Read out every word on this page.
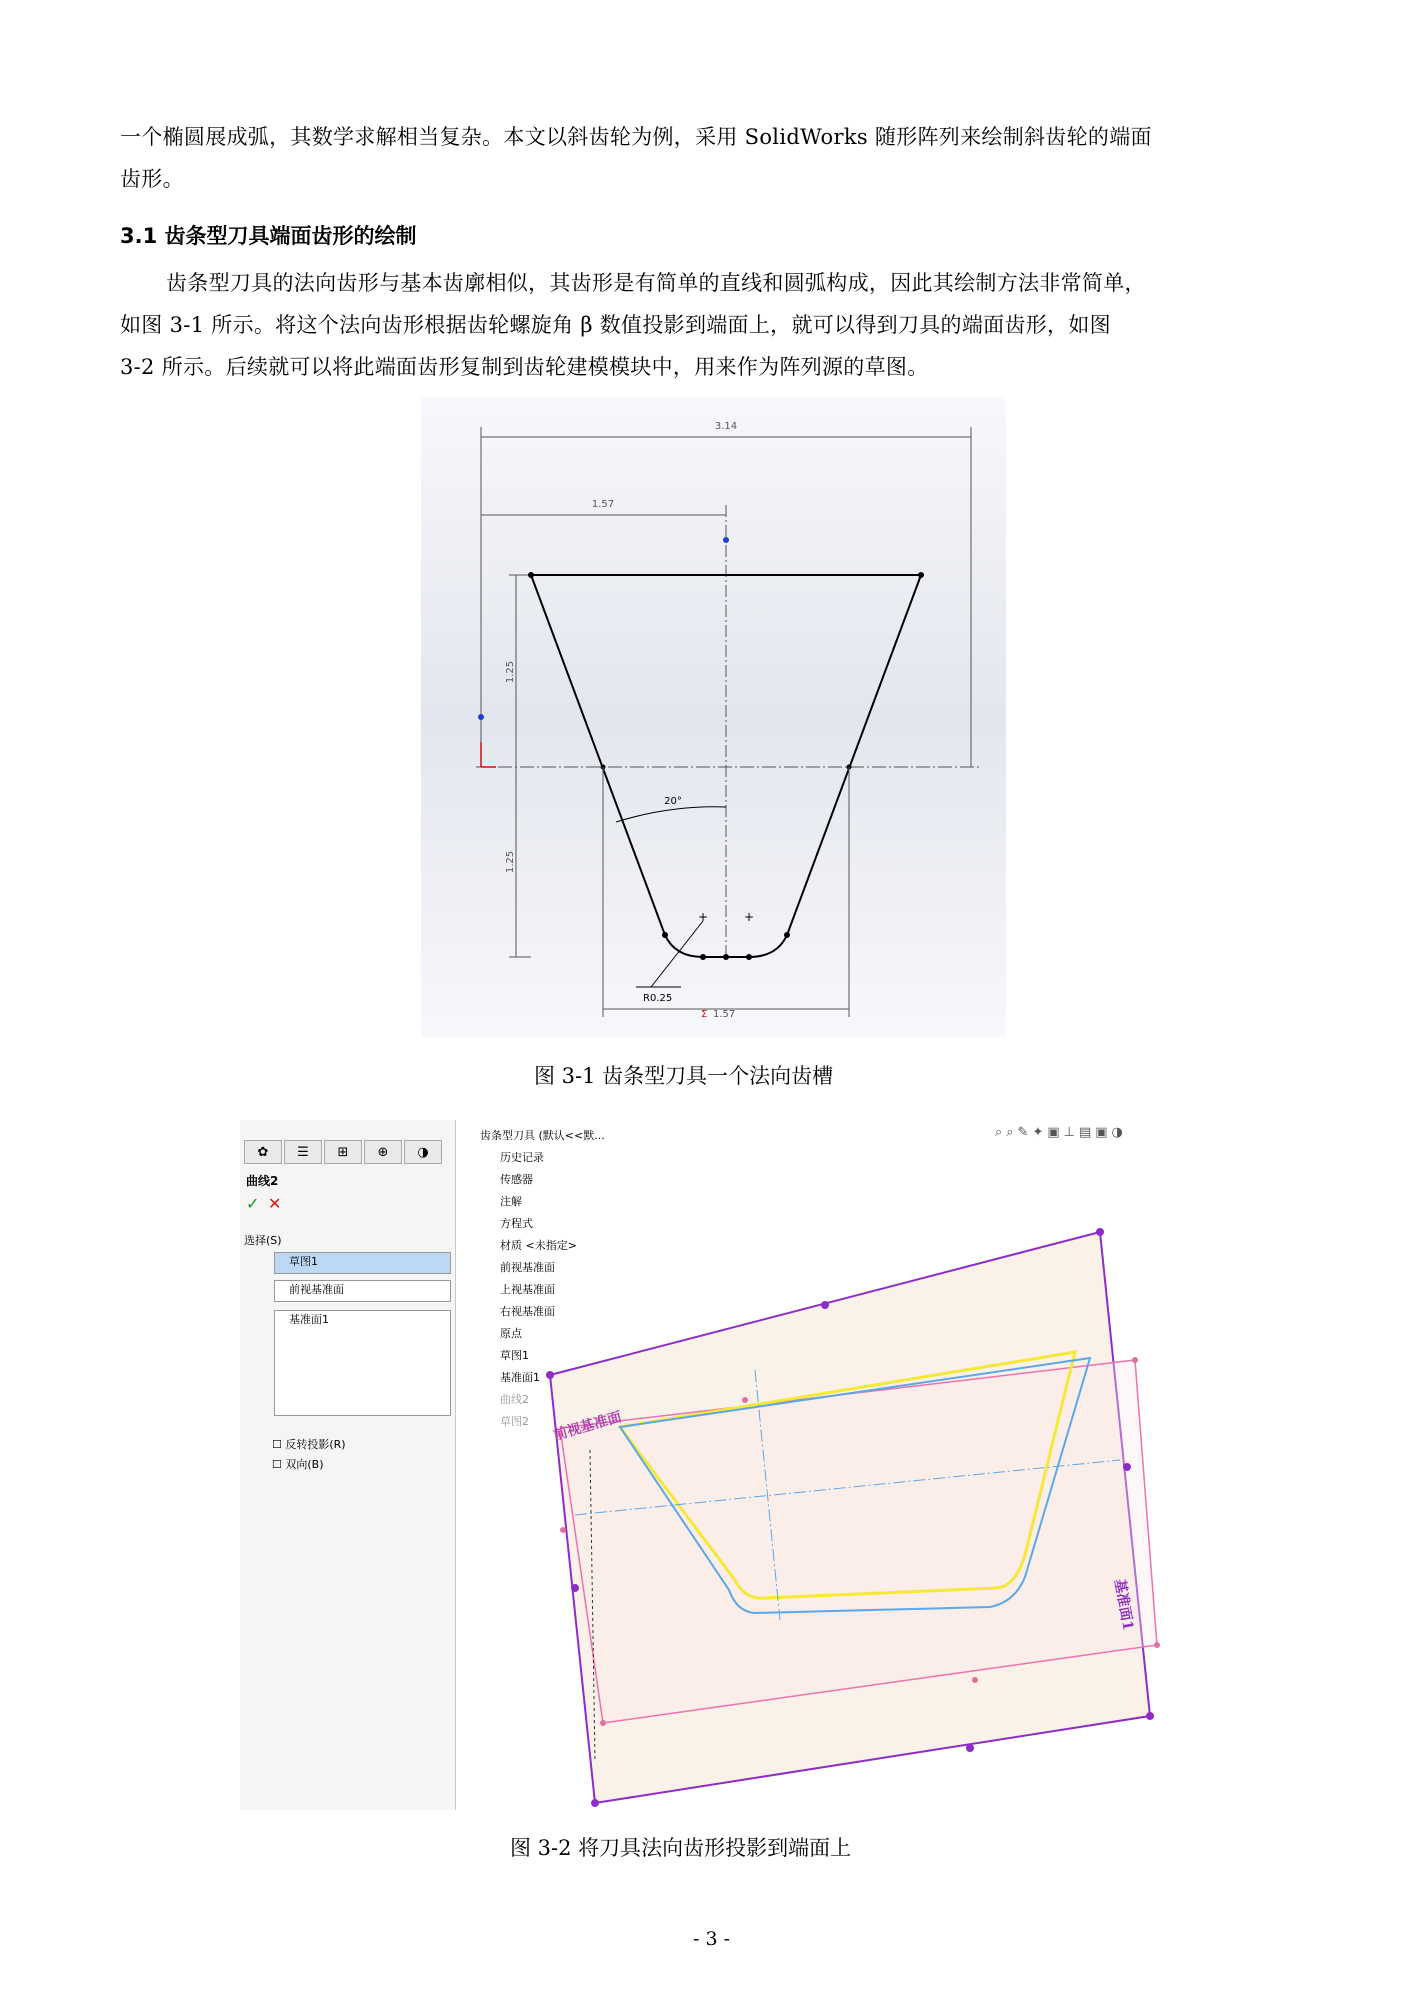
一个椭圆展成弧，其数学求解相当复杂。本文以斜齿轮为例，采用 SolidWorks 随形阵列来绘制斜齿轮的端面
齿形。
3.1 齿条型刀具端面齿形的绘制
齿条型刀具的法向齿形与基本齿廓相似，其齿形是有简单的直线和圆弧构成，因此其绘制方法非常简单，
如图 3-1 所示。将这个法向齿形根据齿轮螺旋角 β 数值投影到端面上，就可以得到刀具的端面齿形，如图
3-2 所示。后续就可以将此端面齿形复制到齿轮建模模块中，用来作为阵列源的草图。
3.14
1.57
1.25
1.25
+	+
20°
R0.25
Σ 1.57
图 3-1 齿条型刀具一个法向齿槽
✿	☰	⊞	⊕	◑
曲线2
✓ ✕
选择(S)
草图1
前视基准面
基准面1
☐ 反转投影(R)
☐ 双向(B)
⌕⌕✎✦▣⊥▤▣◑
前视基准面
基准面1
齿条型刀具 (默认<<默...
历史记录
传感器
注解
方程式
材质 <未指定>
前视基准面
上视基准面
右视基准面
原点
草图1
基准面1
曲线2
草图2
图 3-2 将刀具法向齿形投影到端面上
- 3 -
